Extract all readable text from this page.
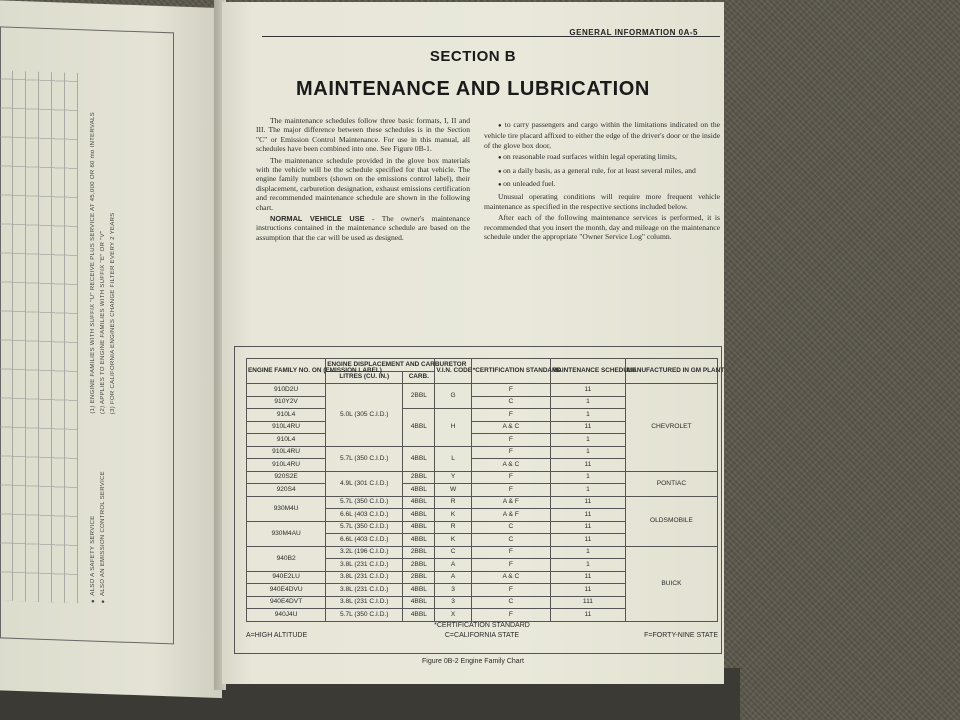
(1) ENGINE FAMILIES WITH SUFFIX "U" RECEIVE PLUS SERVICE AT 45,000 OR 60 mo INTERVALS (2) APPLIES TO ENGINE FAMILIES WITH SUFFIX "E" OR "V" (3) FOR CALIFORNIA ENGINES CHANGE FILTER EVERY 2 YEARS
● ALSO A SAFETY SERVICE ● ALSO AN EMISSION CONTROL SERVICE
GENERAL INFORMATION 0A-5
SECTION B
MAINTENANCE AND LUBRICATION

The maintenance schedules follow three basic formats, I, II and III. The major difference between these schedules is in the Section "C" or Emission Control Maintenance. For use in this manual, all schedules have been combined into one. See Figure 0B-1.

The maintenance schedule provided in the glove box materials with the vehicle will be the schedule specified for that vehicle. The engine family numbers (shown on the emissions control label), their displacement, carburetion designation, exhaust emissions certification and recommended maintenance schedule are shown in the following chart.

NORMAL VEHICLE USE - The owner's maintenance instructions contained in the maintenance schedule are based on the assumption that the car will be used as designed.

● to carry passengers and cargo within the limitations indicated on the vehicle tire placard affixed to either the edge of the driver's door or the inside of the glove box door,

● on reasonable road surfaces within legal operating limits,

● on a daily basis, as a general rule, for at least several miles, and

● on unleaded fuel.

Unusual operating conditions will require more frequent vehicle maintenance as specified in the respective sections included below.

After each of the following maintenance services is performed, it is recommended that you insert the month, day and mileage on the maintenance schedule under the appropriate "Owner Service Log" column.

ENGINE FAMILY NO. ON (EMISSION LABEL)	ENGINE DISPLACEMENT AND CARBURETOR		V.I.N. CODE	*CERTIFICATION STANDARD	MAINTENANCE SCHEDULE	MANUFACTURED IN GM PLANT
	LITRES (CU. IN.)	CARB.				
910D2U	5.0L (305 C.I.D.)	2BBL	G	F	11	CHEVROLET
910Y2V				C	1	
910L4		4BBL	H	F	1	
910L4RU				A & C	11	
910L4				F	1	
910L4RU	5.7L (350 C.I.D.)	4BBL	L	F	1	
910L4RU				A & C	11	
920S2E	4.9L (301 C.I.D.)	2BBL	Y	F	1	PONTIAC
920S4		4BBL	W	F	1	
930M4U	5.7L (350 C.I.D.)	4BBL	R	A & F	11	OLDSMOBILE
	6.6L (403 C.I.D.)	4BBL	K	A & F	11	
930M4AU	5.7L (350 C.I.D.)	4BBL	R	C	11	
	6.6L (403 C.I.D.)	4BBL	K	C	11	
940B2	3.2L (196 C.I.D.)	2BBL	C	F	1	BUICK
	3.8L (231 C.I.D.)	2BBL	A	F	1	
940E2LU	3.8L (231 C.I.D.)	2BBL	A	A & C	11	
940E4DVU	3.8L (231 C.I.D.)	4BBL	3	F	11	
940E4DVT	3.8L (231 C.I.D.)	4BBL	3	C	111	
940J4U	5.7L (350 C.I.D.)	4BBL	X	F	11	
*CERTIFICATION STANDARD
A=HIGH ALTITUDE	C=CALIFORNIA STATE	F=FORTY-NINE STATE
Figure 0B-2 Engine Family Chart
